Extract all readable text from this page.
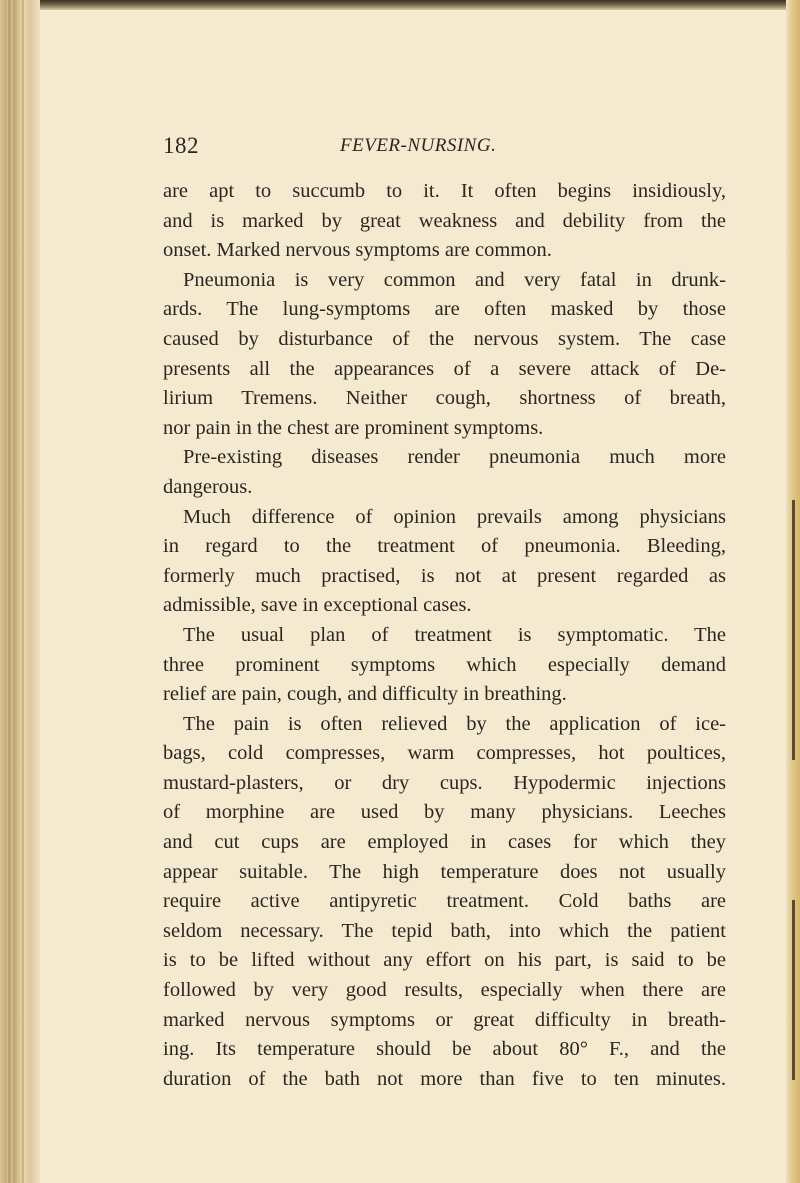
182	FEVER-NURSING.
are apt to succumb to it. It often begins insidiously,
and is marked by great weakness and debility from the
onset. Marked nervous symptoms are common.
Pneumonia is very common and very fatal in drunk-
ards. The lung-symptoms are often masked by those
caused by disturbance of the nervous system. The case
presents all the appearances of a severe attack of De-
lirium Tremens. Neither cough, shortness of breath,
nor pain in the chest are prominent symptoms.
Pre-existing diseases render pneumonia much more
dangerous.
Much difference of opinion prevails among physicians
in regard to the treatment of pneumonia. Bleeding,
formerly much practised, is not at present regarded as
admissible, save in exceptional cases.
The usual plan of treatment is symptomatic. The
three prominent symptoms which especially demand
relief are pain, cough, and difficulty in breathing.
The pain is often relieved by the application of ice-
bags, cold compresses, warm compresses, hot poultices,
mustard-plasters, or dry cups. Hypodermic injections
of morphine are used by many physicians. Leeches
and cut cups are employed in cases for which they
appear suitable. The high temperature does not usually
require active antipyretic treatment. Cold baths are
seldom necessary. The tepid bath, into which the patient
is to be lifted without any effort on his part, is said to be
followed by very good results, especially when there are
marked nervous symptoms or great difficulty in breath-
ing. Its temperature should be about 80° F., and the
duration of the bath not more than five to ten minutes.
